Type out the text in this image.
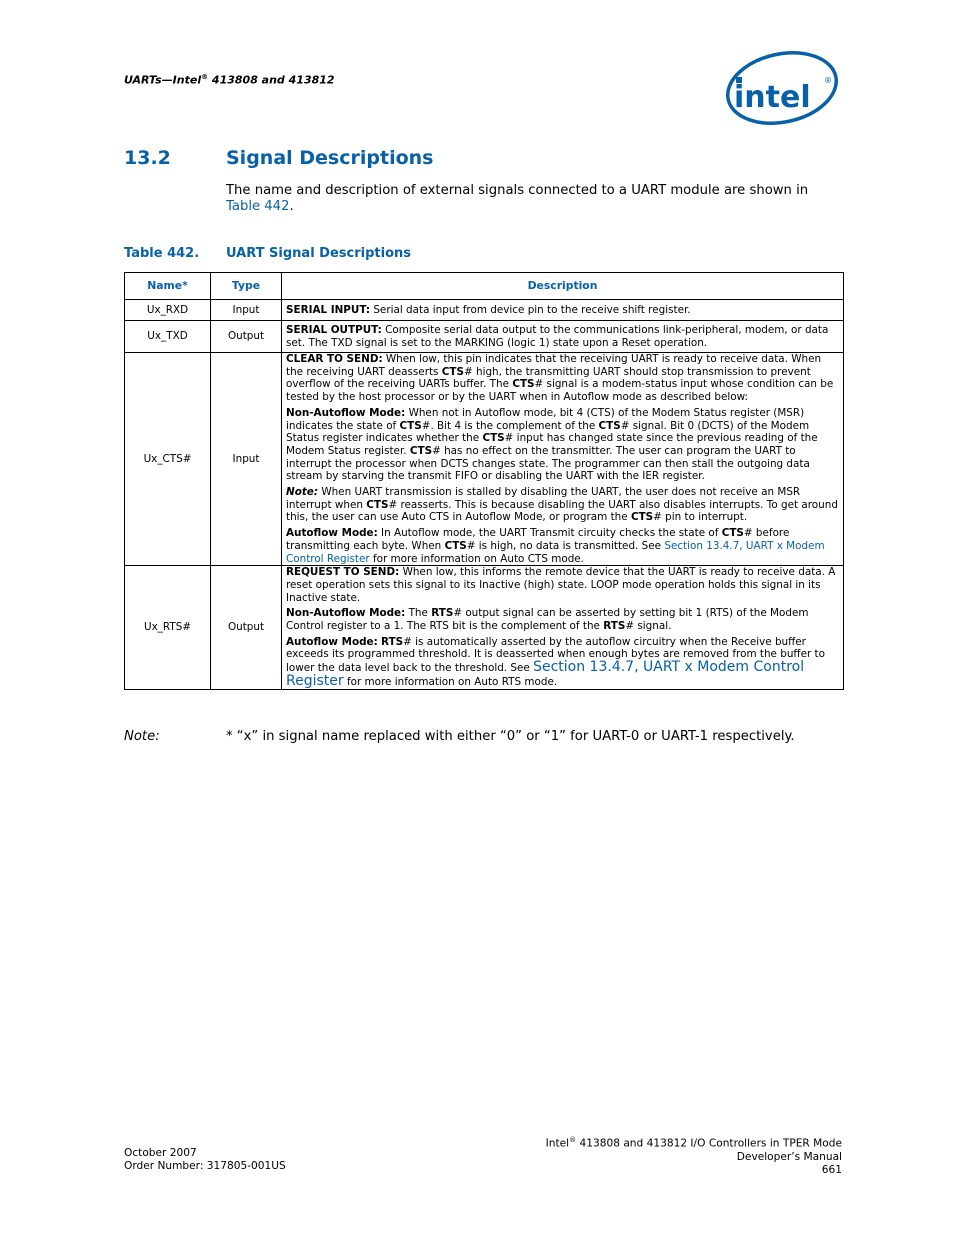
UARTs—Intel® 413808 and 413812	intel ®
13.2	Signal Descriptions
The name and description of external signals connected to a UART module are shown in Table 442.
Table 442. UART Signal Descriptions
Name*	Type	Description
Ux_RXD	Input	SERIAL INPUT: Serial data input from device pin to the receive shift register.
Ux_TXD	Output	SERIAL OUTPUT: Composite serial data output to the communications link-peripheral, modem, or data set. The TXD signal is set to the MARKING (logic 1) state upon a Reset operation.
Ux_CTS#	Input	CLEAR TO SEND: When low, this pin indicates that the receiving UART is ready to receive data. When the receiving UART deasserts CTS# high, the transmitting UART should stop transmission to prevent overflow of the receiving UARTs buffer. The CTS# signal is a modem-status input whose condition can be tested by the host processor or by the UART when in Autoflow mode as described below:

Non-Autoflow Mode: When not in Autoflow mode, bit 4 (CTS) of the Modem Status register (MSR) indicates the state of CTS#. Bit 4 is the complement of the CTS# signal. Bit 0 (DCTS) of the Modem Status register indicates whether the CTS# input has changed state since the previous reading of the Modem Status register. CTS# has no effect on the transmitter. The user can program the UART to interrupt the processor when DCTS changes state. The programmer can then stall the outgoing data stream by starving the transmit FIFO or disabling the UART with the IER register.

Note: When UART transmission is stalled by disabling the UART, the user does not receive an MSR interrupt when CTS# reasserts. This is because disabling the UART also disables interrupts. To get around this, the user can use Auto CTS in Autoflow Mode, or program the CTS# pin to interrupt.

Autoflow Mode: In Autoflow mode, the UART Transmit circuity checks the state of CTS# before transmitting each byte. When CTS# is high, no data is transmitted. See Section 13.4.7, UART x Modem Control Register for more information on Auto CTS mode.

Ux_RTS#	Output	REQUEST TO SEND: When low, this informs the remote device that the UART is ready to receive data. A reset operation sets this signal to its Inactive (high) state. LOOP mode operation holds this signal in its Inactive state.

Non-Autoflow Mode: The RTS# output signal can be asserted by setting bit 1 (RTS) of the Modem Control register to a 1. The RTS bit is the complement of the RTS# signal.

Autoflow Mode: RTS# is automatically asserted by the autoflow circuitry when the Receive buffer exceeds its programmed threshold. It is deasserted when enough bytes are removed from the buffer to lower the data level back to the threshold. See Section 13.4.7, UART x Modem Control Register for more information on Auto RTS mode.

Note:	* “x” in signal name replaced with either “0” or “1” for UART-0 or UART-1 respectively.
October 2007
Order Number: 317805-001US
Intel® 413808 and 413812 I/O Controllers in TPER Mode
Developer’s Manual
661
